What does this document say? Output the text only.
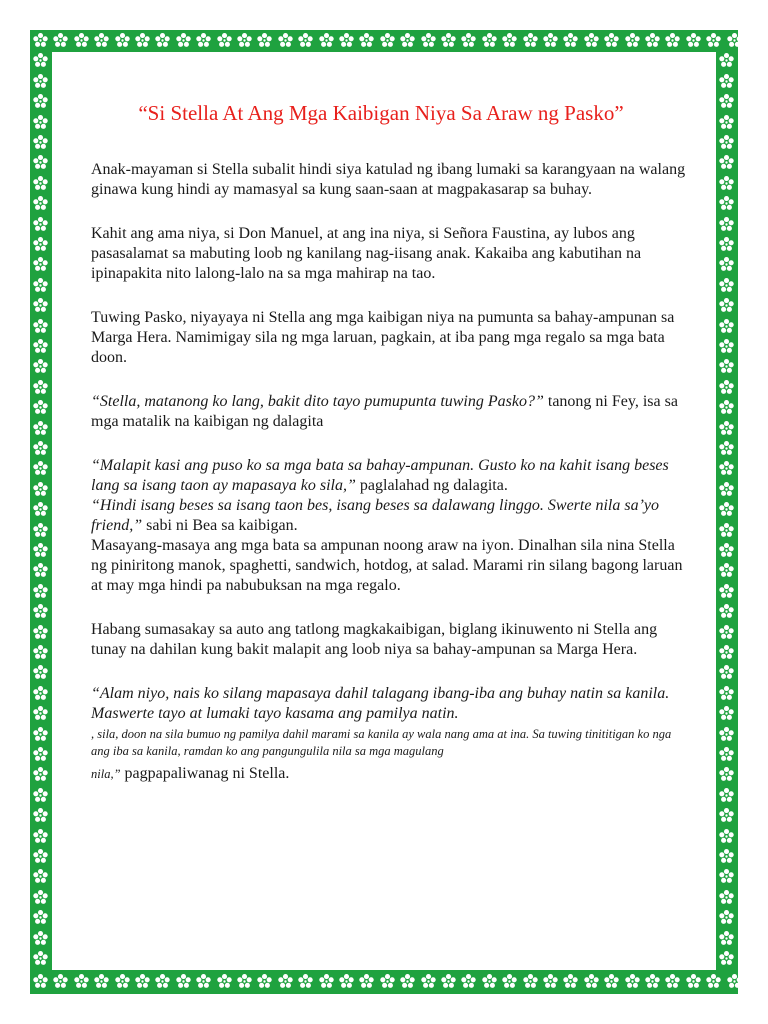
“Si Stella At Ang Mga Kaibigan Niya Sa Araw ng Pasko”

Anak-mayaman si Stella subalit hindi siya katulad ng ibang lumaki sa karangyaan na walang ginawa kung hindi ay mamasyal sa kung saan-saan at magpakasarap sa buhay.

Kahit ang ama niya, si Don Manuel, at ang ina niya, si Señora Faustina, ay lubos ang pasasalamat sa mabuting loob ng kanilang nag-iisang anak. Kakaiba ang kabutihan na ipinapakita nito lalong-lalo na sa mga mahirap na tao.

Tuwing Pasko, niyayaya ni Stella ang mga kaibigan niya na pumunta sa bahay-ampunan sa Marga Hera. Namimigay sila ng mga laruan, pagkain, at iba pang mga regalo sa mga bata doon.

“Stella, matanong ko lang, bakit dito tayo pumupunta tuwing Pasko?” tanong ni Fey, isa sa mga matalik na kaibigan ng dalagita

“Malapit kasi ang puso ko sa mga bata sa bahay-ampunan. Gusto ko na kahit isang beses lang sa isang taon ay mapasaya ko sila,” paglalahad ng dalagita.

“Hindi isang beses sa isang taon bes, isang beses sa dalawang linggo. Swerte nila sa’yo friend,” sabi ni Bea sa kaibigan.

Masayang-masaya ang mga bata sa ampunan noong araw na iyon. Dinalhan sila nina Stella ng piniritong manok, spaghetti, sandwich, hotdog, at salad. Marami rin silang bagong laruan at may mga hindi pa nabubuksan na mga regalo.

Habang sumasakay sa auto ang tatlong magkakaibigan, biglang ikinuwento ni Stella ang tunay na dahilan kung bakit malapit ang loob niya sa bahay-ampunan sa Marga Hera.

“Alam niyo, nais ko silang mapasaya dahil talagang ibang-iba ang buhay natin sa kanila. Maswerte tayo at lumaki tayo kasama ang pamilya natin.

, sila, doon na sila bumuo ng pamilya dahil marami sa kanila ay wala nang ama at ina. Sa tuwing tinititigan ko nga ang iba sa kanila, ramdan ko ang pangungulila nila sa mga magulang

nila,” pagpapaliwanag ni Stella.
